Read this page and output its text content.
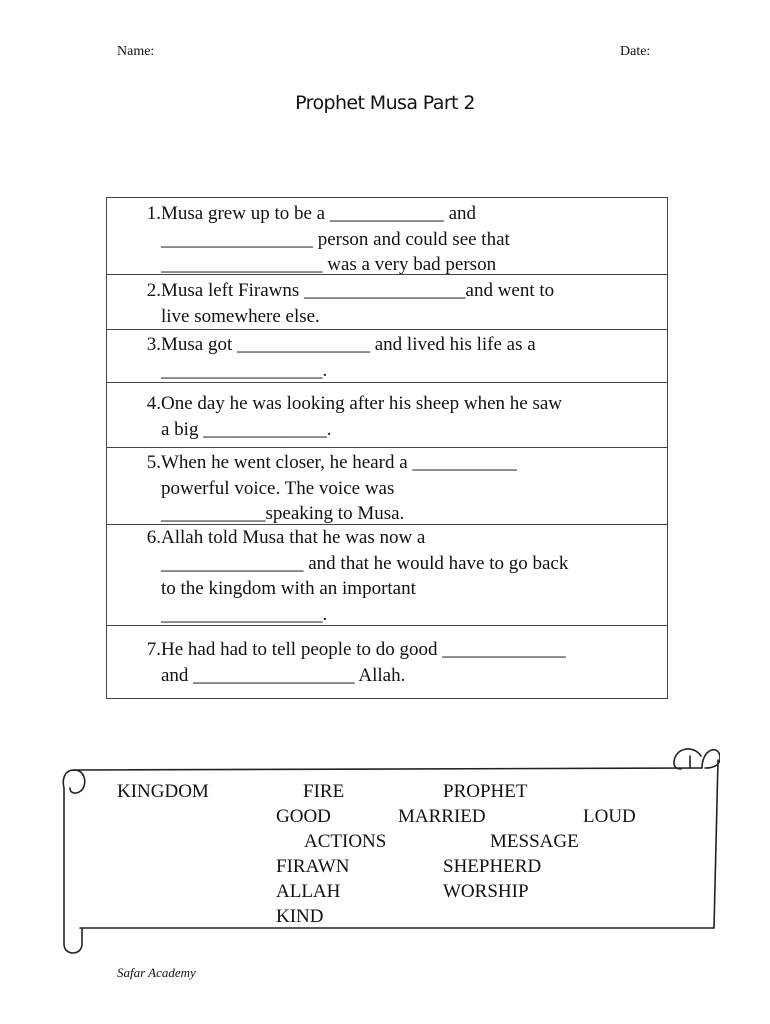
Name:	Date:
Prophet Musa Part 2
1. Musa grew up to be a ____________ and
________________ person and could see that
_________________ was a very bad person
2. Musa left Firawns _________________and went to
live somewhere else.
3. Musa got ______________ and lived his life as a
_________________.
4. One day he was looking after his sheep when he saw
a big _____________.
5. When he went closer, he heard a ___________
powerful voice. The voice was
___________speaking to Musa.
6. Allah told Musa that he was now a
_______________ and that he would have to go back
to the kingdom with an important
_________________.
7. He had had to tell people to do good _____________
and _________________ Allah.
KINGDOM	FIRE	PROPHET
GOOD	MARRIED	LOUD
ACTIONS	MESSAGE
FIRAWN	SHEPHERD
ALLAH	WORSHIP
KIND
Safar Academy
